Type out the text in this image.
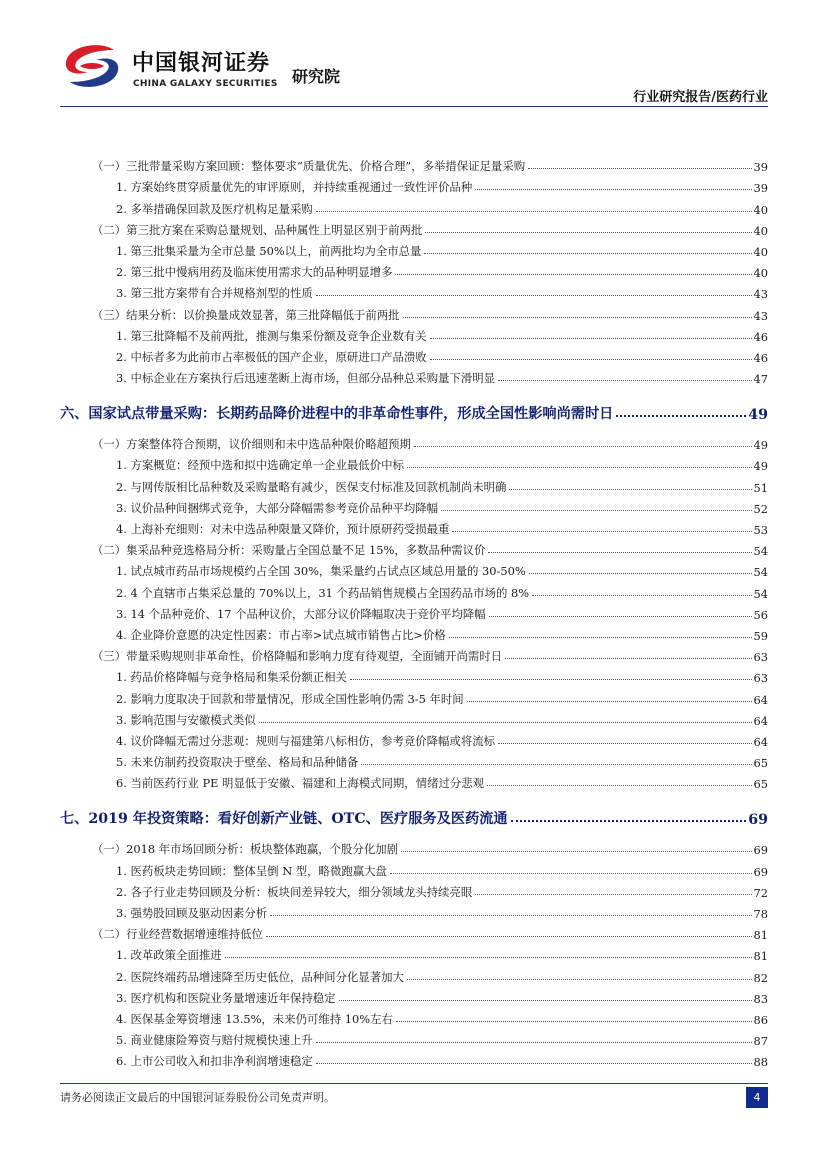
中国银河证券
CHINA GALAXY SECURITIES 研究院
行业研究报告/医药行业
（一）三批带量采购方案回顾：整体要求“质量优先、价格合理”，多举措保证足量采购	39
1. 方案始终贯穿质量优先的审评原则，并持续重视通过一致性评价品种	39
2. 多举措确保回款及医疗机构足量采购	40
（二）第三批方案在采购总量规划、品种属性上明显区别于前两批	40
1. 第三批集采量为全市总量 50%以上，前两批均为全市总量	40
2. 第三批中慢病用药及临床使用需求大的品种明显增多	40
3. 第三批方案带有合并规格剂型的性质	43
（三）结果分析：以价换量成效显著，第三批降幅低于前两批	43
1. 第三批降幅不及前两批，推测与集采份额及竞争企业数有关	46
2. 中标者多为此前市占率极低的国产企业，原研进口产品溃败	46
3. 中标企业在方案执行后迅速垄断上海市场，但部分品种总采购量下滑明显	47
六、国家试点带量采购：长期药品降价进程中的非革命性事件，形成全国性影响尚需时日	49
（一）方案整体符合预期，议价细则和未中选品种限价略超预期	49
1. 方案概览：经预中选和拟中选确定单一企业最低价中标	49
2. 与网传版相比品种数及采购量略有减少，医保支付标准及回款机制尚未明确	51
3. 议价品种间捆绑式竞争，大部分降幅需参考竞价品种平均降幅	52
4. 上海补充细则：对未中选品种限量又降价，预计原研药受损最重	53
（二）集采品种竞选格局分析：采购量占全国总量不足 15%，多数品种需议价	54
1. 试点城市药品市场规模约占全国 30%，集采量约占试点区域总用量的 30-50%	54
2. 4 个直辖市占集采总量的 70%以上，31 个药品销售规模占全国药品市场的 8%	54
3. 14 个品种竞价、17 个品种议价，大部分议价降幅取决于竞价平均降幅	56
4. 企业降价意愿的决定性因素：市占率>试点城市销售占比>价格	59
（三）带量采购规则非革命性，价格降幅和影响力度有待观望，全面铺开尚需时日	63
1. 药品价格降幅与竞争格局和集采份额正相关	63
2. 影响力度取决于回款和带量情况，形成全国性影响仍需 3-5 年时间	64
3. 影响范围与安徽模式类似	64
4. 议价降幅无需过分悲观：规则与福建第八标相仿，参考竞价降幅或将流标	64
5. 未来仿制药投资取决于壁垒、格局和品种储备	65
6. 当前医药行业 PE 明显低于安徽、福建和上海模式同期，情绪过分悲观	65
七、2019 年投资策略：看好创新产业链、OTC、医疗服务及医药流通	69
（一）2018 年市场回顾分析：板块整体跑赢，个股分化加剧	69
1. 医药板块走势回顾：整体呈倒 N 型，略微跑赢大盘	69
2. 各子行业走势回顾及分析：板块间差异较大，细分领域龙头持续亮眼	72
3. 强势股回顾及驱动因素分析	78
（二）行业经营数据增速维持低位	81
1. 改革政策全面推进	81
2. 医院终端药品增速降至历史低位，品种间分化显著加大	82
3. 医疗机构和医院业务量增速近年保持稳定	83
4. 医保基金筹资增速 13.5%，未来仍可维持 10%左右	86
5. 商业健康险筹资与赔付规模快速上升	87
6. 上市公司收入和扣非净利润增速稳定	88
请务必阅读正文最后的中国银河证券股份公司免责声明。	4
